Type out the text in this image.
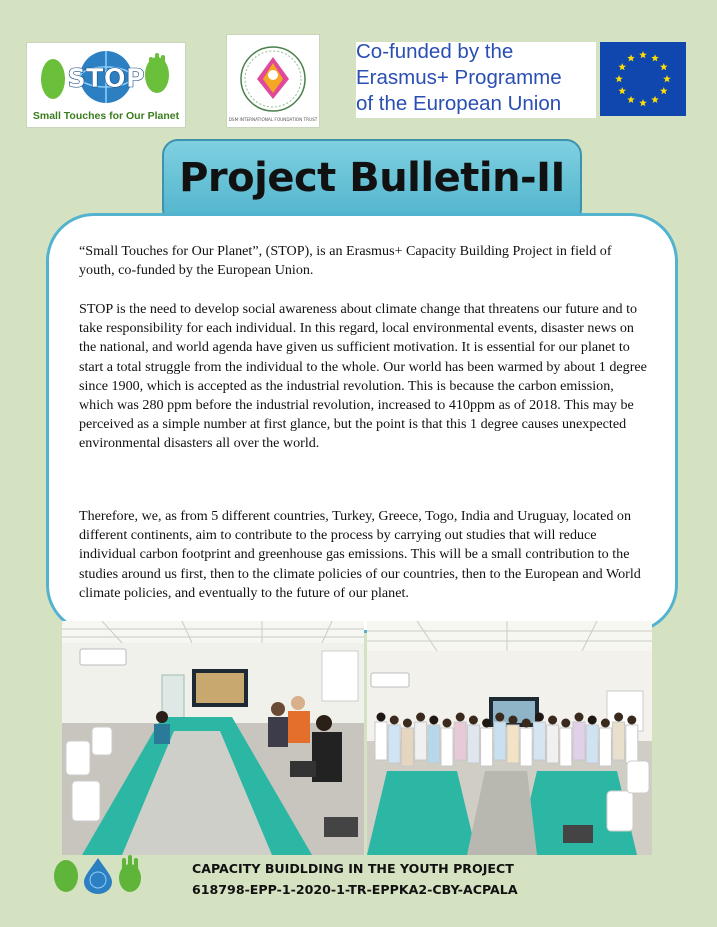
STOP
Small Touches for Our Planet	DSM INTERNATIONAL FOUNDATION TRUST
Co-funded by the
Erasmus+ Programme
of the European Union
Project Bulletin-II

“Small Touches for Our Planet”, (STOP), is an Erasmus+ Capacity Building Project in field of youth, co-funded by the European Union.

STOP is the need to develop social awareness about climate change that threatens our future and to take responsibility for each individual. In this regard, local environmental events, disaster news on the national, and world agenda have given us sufficient motivation. It is essential for our planet to start a total struggle from the individual to the whole. Our world has been warmed by about 1 degree since 1900, which is accepted as the industrial revolution. This is because the carbon emission, which was 280 ppm before the industrial revolution, increased to 410ppm as of 2018. This may be perceived as a simple number at first glance, but the point is that this 1 degree causes unexpected environmental disasters all over the world.

Therefore, we, as from 5 different countries, Turkey, Greece, Togo, India and Uruguay, located on different continents, aim to contribute to the process by carrying out studies that will reduce individual carbon footprint and greenhouse gas emissions. This will be a small contribution to the studies around us first, then to the climate policies of our countries, then to the European and World climate policies, and eventually to the future of our planet.

CAPACITY BUIDLDING IN THE YOUTH PROJECT
618798-EPP-1-2020-1-TR-EPPKA2-CBY-ACPALA
